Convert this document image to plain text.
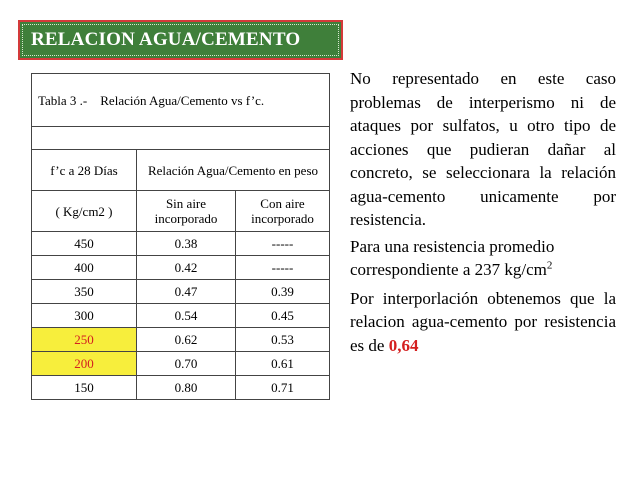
RELACION AGUA/CEMENTO
Tabla 3 .- Relación Agua/Cemento vs f’c.		

f’c a 28 Días	Relación Agua/Cemento en peso	
( Kg/cm2 )	Sin aire incorporado	Con aire incorporado
450	0.38	-----
400	0.42	-----
350	0.47	0.39
300	0.54	0.45
250	0.62	0.53
200	0.70	0.61
150	0.80	0.71

No representado en este caso problemas de interperismo ni de ataques por sulfatos, u otro tipo de acciones que pudieran dañar al concreto, se seleccionara la relación agua-cemento unicamente por resistencia.

Para una resistencia promedio correspondiente a 237 $kg/cm^2$

Por interporlación obtenemos que la relacion agua-cemento por resistencia es de 0,64
